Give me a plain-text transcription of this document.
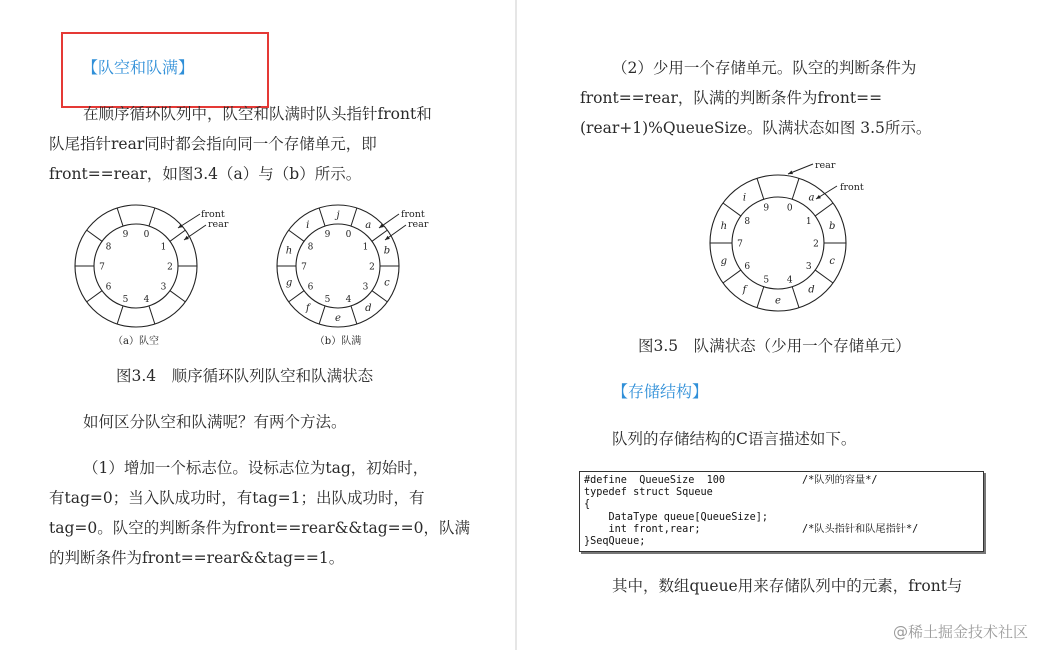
【队空和队满】
在顺序循环队列中，队空和队满时队头指针front和
队尾指针rear同时都会指向同一个存储单元，即
front==rear，如图3.4（a）与（b）所示。
0
1
2
3
4
5
6
7
8
9
front
rear
（a）队空
0
a
1 b
2
c
3
d
4
e
5
f
6
g
7
h 8
i
9
j	front
rear
（b）队满
图3.4　顺序循环队列队空和队满状态
如何区分队空和队满呢？有两个方法。
（1）增加一个标志位。设标志位为tag，初始时，
有tag=0；当入队成功时，有tag=1；出队成功时，有
tag=0。队空的判断条件为front==rear&&tag==0，队满
的判断条件为front==rear&&tag==1。
（2）少用一个存储单元。队空的判断条件为
front==rear，队满的判断条件为front==
(rear+1)%QueueSize。队满状态如图 3.5所示。
0
a
1 b
2
c
3
d
4
e
5
f
6
g
7
h 8
i
9
rear
front
图3.5　队满状态（少用一个存储单元）
【存储结构】
队列的存储结构的C语言描述如下。
#define  QueueSize  100	/*队列的容量*/
typedef struct Squeue
{
DataType queue[QueueSize];
int front,rear;	/*队头指针和队尾指针*/
}SeqQueue;
其中，数组queue用来存储队列中的元素，front与
@稀土掘金技术社区
